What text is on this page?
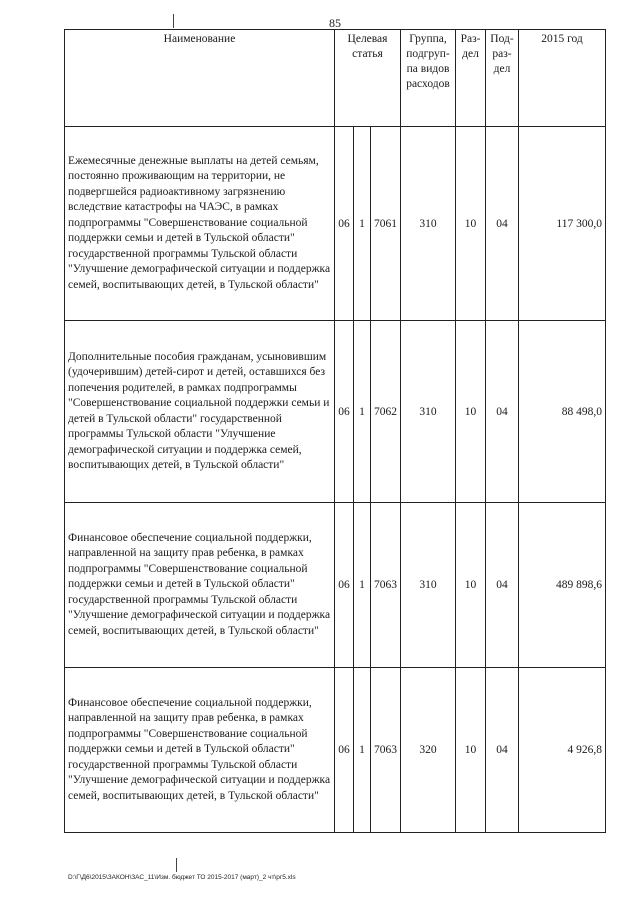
85
Наименование	Целевая статья			Группа, подгруп-па видов расходов	Раз-дел	Под-раз-дел	2015 год
Ежемесячные денежные выплаты на детей семьям, постоянно проживающим на территории, не подвергшейся радиоактивному загрязнению вследствие катастрофы на ЧАЭС, в рамках подпрограммы "Совершенствование социальной поддержки семьи и детей в Тульской области" государственной программы Тульской области "Улучшение демографической ситуации и поддержка семей, воспитывающих детей, в Тульской области"	06	1	7061	310	10	04	117 300,0
Дополнительные пособия гражданам, усыновившим (удочерившим) детей-сирот и детей, оставшихся без попечения родителей, в рамках подпрограммы "Совершенствование социальной поддержки семьи и детей в Тульской области" государственной программы Тульской области "Улучшение демографической ситуации и поддержка семей, воспитывающих детей, в Тульской области"	06	1	7062	310	10	04	88 498,0
Финансовое обеспечение социальной поддержки, направленной на защиту прав ребенка, в рамках подпрограммы "Совершенствование социальной поддержки семьи и детей в Тульской области" государственной программы Тульской области "Улучшение демографической ситуации и поддержка семей, воспитывающих детей, в Тульской области"	06	1	7063	310	10	04	489 898,6
Финансовое обеспечение социальной поддержки, направленной на защиту прав ребенка, в рамках подпрограммы "Совершенствование социальной поддержки семьи и детей в Тульской области" государственной программы Тульской области "Улучшение демографической ситуации и поддержка семей, воспитывающих детей, в Тульской области"	06	1	7063	320	10	04	4 926,8
D:\Г\Д6\2015\ЗАКОН\ЗАС_11\Изм. бюджет ТО 2015-2017 (март)_2 чт\рг5.xls
